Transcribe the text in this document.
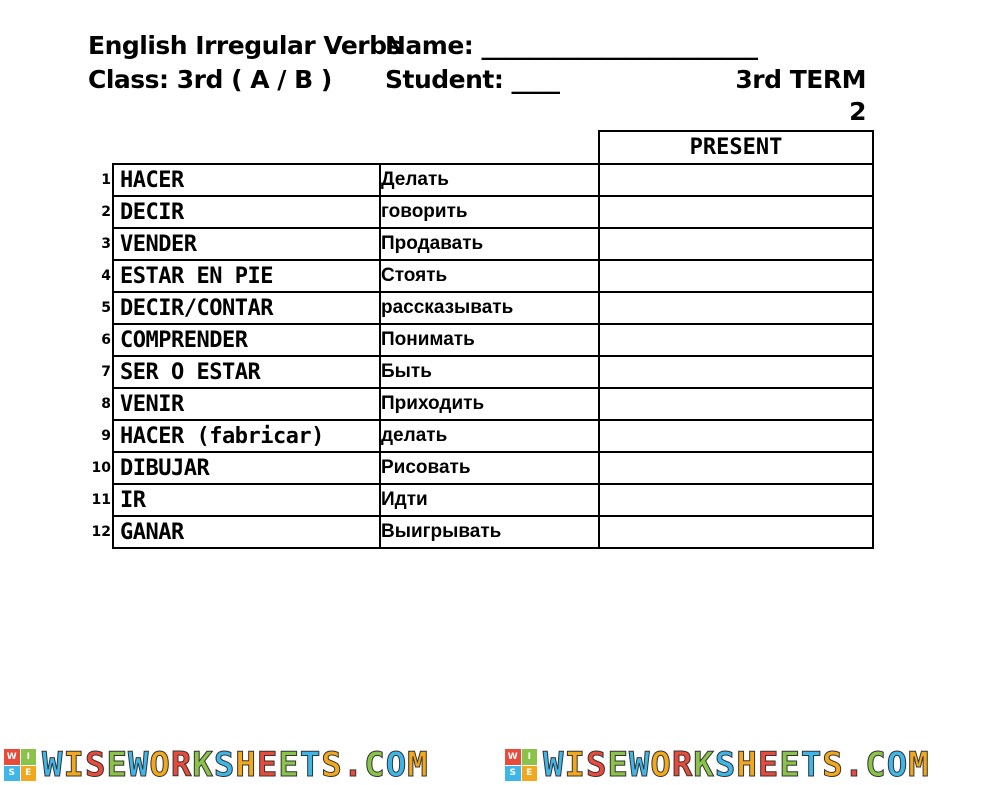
English Irregular Verbs
Name: _______________________
Class: 3rd ( A / B ) Student: ____	3rd TERM
2
		PRESENT

1 HACER	Делать	

2 DECIR	говорить	

3 VENDER	Продавать	

4 ESTAR EN PIE	Стоять	

5 DECIR/CONTAR	рассказывать	

6 COMPRENDER	Понимать	

7 SER O ESTAR	Быть	

8 VENIR	Приходить	

9 HACER (fabricar)	делать	

10 DIBUJAR	Рисовать	

11 IR	Идти	

12 GANAR	Выигрывать	
W	I
S	E WISEWORKSHEETS.COM	W	I
S	E WISEWORKSHEETS.COM
